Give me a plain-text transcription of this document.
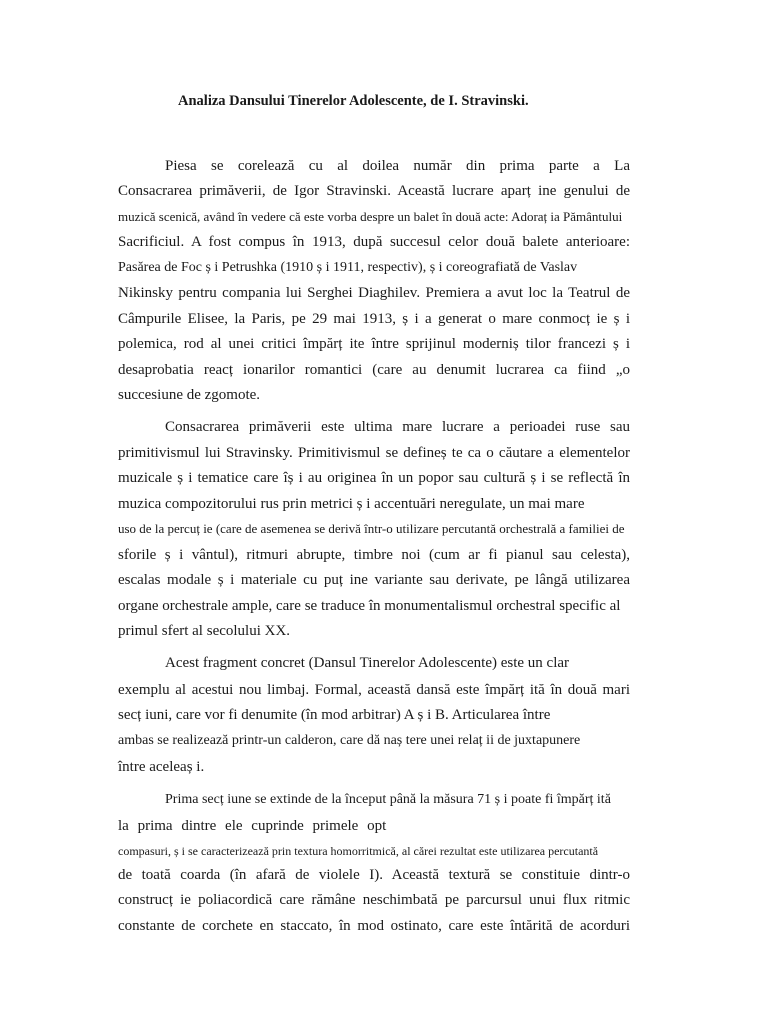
Analiza Dansului Tinerelor Adolescente, de I. Stravinski.
Piesa se corelează cu al doilea număr din prima parte a La
Consacrarea primăverii, de Igor Stravinski. Această lucrare aparț ine genului de
muzică scenică, având în vedere că este vorba despre un balet în două acte: Adoraț ia Pământului
Sacrificiul. A fost compus în 1913, după succesul celor două balete anterioare:
Pasărea de Foc ș i Petrushka (1910 ș i 1911, respectiv), ș i coreografiată de Vaslav
Nikinsky pentru compania lui Serghei Diaghilev. Premiera a avut loc la Teatrul de
Câmpurile Elisee, la Paris, pe 29 mai 1913, ș i a generat o mare conmocț ie ș i
polemica, rod al unei critici împărț ite între sprijinul moderniș tilor francezi ș i
desaprobatia reacț ionarilor romantici (care au denumit lucrarea ca fiind „o
succesiune de zgomote.
Consacrarea primăverii este ultima mare lucrare a perioadei ruse sau
primitivismul lui Stravinsky. Primitivismul se defineș te ca o căutare a elementelor
muzicale ș i tematice care îș i au originea în un popor sau cultură ș i se reflectă în
muzica compozitorului rus prin metrici ș i accentuări neregulate, un mai mare
uso de la percuț ie (care de asemenea se derivă într-o utilizare percutantă orchestrală a familiei de
sforile ș i vântul), ritmuri abrupte, timbre noi (cum ar fi pianul sau celesta),
escalas modale ș i materiale cu puț ine variante sau derivate, pe lângă utilizarea
organe orchestrale ample, care se traduce în monumentalismul orchestral specific al
primul sfert al secolului XX.
Acest fragment concret (Dansul Tinerelor Adolescente) este un clar
exemplu al acestui nou limbaj. Formal, această dansă este împărț ită în două mari
secț iuni, care vor fi denumite (în mod arbitrar) A ș i B. Articularea între
ambas se realizează printr-un calderon, care dă naș tere unei relaț ii de juxtapunere
între aceleaș i.
Prima secț iune se extinde de la început până la măsura 71 ș i poate fi împărț ită
la prima dintre ele cuprinde primele opt
compasuri, ș i se caracterizează prin textura homorritmică, al cărei rezultat este utilizarea percutantă
de toată coarda (în afară de violele I). Această textură se constituie dintr-o
construcț ie poliacordică care rămâne neschimbată pe parcursul unui flux ritmic
constante de corchete en staccato, în mod ostinato, care este întărită de acorduri
